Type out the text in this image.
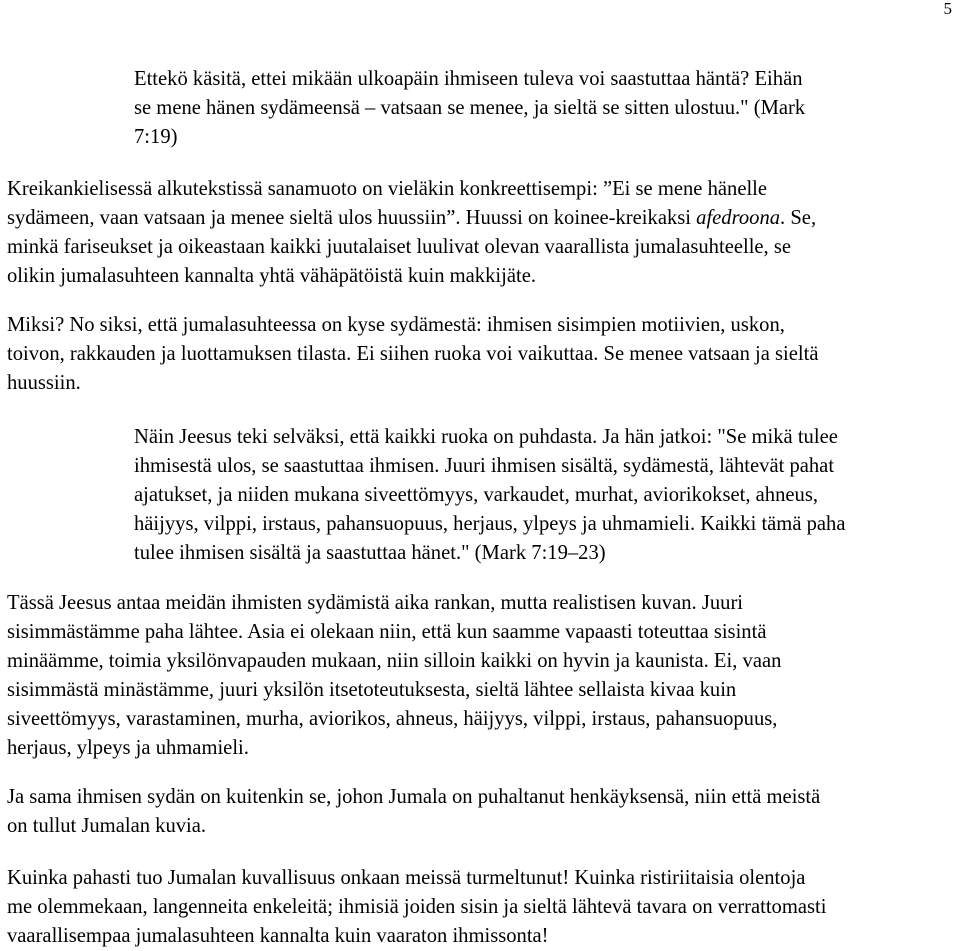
5

Ettekö käsitä, ettei mikään ulkoapäin ihmiseen tuleva voi saastuttaa häntä? Eihän
se mene hänen sydämeensä – vatsaan se menee, ja sieltä se sitten ulostuu." (Mark
7:19)

Kreikankielisessä alkutekstissä sanamuoto on vieläkin konkreettisempi: ”Ei se mene hänelle
sydämeen, vaan vatsaan ja menee sieltä ulos huussiin”. Huussi on koinee-kreikaksi afedroona. Se,
minkä fariseukset ja oikeastaan kaikki juutalaiset luulivat olevan vaarallista jumalasuhteelle, se
olikin jumalasuhteen kannalta yhtä vähäpätöistä kuin makkijäte.

Miksi? No siksi, että jumalasuhteessa on kyse sydämestä: ihmisen sisimpien motiivien, uskon,
toivon, rakkauden ja luottamuksen tilasta. Ei siihen ruoka voi vaikuttaa. Se menee vatsaan ja sieltä
huussiin.

Näin Jeesus teki selväksi, että kaikki ruoka on puhdasta. Ja hän jatkoi: "Se mikä tulee
ihmisestä ulos, se saastuttaa ihmisen. Juuri ihmisen sisältä, sydämestä, lähtevät pahat
ajatukset, ja niiden mukana siveettömyys, varkaudet, murhat, aviorikokset, ahneus,
häijyys, vilppi, irstaus, pahansuopuus, herjaus, ylpeys ja uhmamieli. Kaikki tämä paha
tulee ihmisen sisältä ja saastuttaa hänet." (Mark 7:19–23)

Tässä Jeesus antaa meidän ihmisten sydämistä aika rankan, mutta realistisen kuvan. Juuri
sisimmästämme paha lähtee. Asia ei olekaan niin, että kun saamme vapaasti toteuttaa sisintä
minäämme, toimia yksilönvapauden mukaan, niin silloin kaikki on hyvin ja kaunista. Ei, vaan
sisimmästä minästämme, juuri yksilön itsetoteutuksesta, sieltä lähtee sellaista kivaa kuin
siveettömyys, varastaminen, murha, aviorikos, ahneus, häijyys, vilppi, irstaus, pahansuopuus,
herjaus, ylpeys ja uhmamieli.

Ja sama ihmisen sydän on kuitenkin se, johon Jumala on puhaltanut henkäyksensä, niin että meistä
on tullut Jumalan kuvia.

Kuinka pahasti tuo Jumalan kuvallisuus onkaan meissä turmeltunut! Kuinka ristiriitaisia olentoja
me olemmekaan, langenneita enkeleitä; ihmisiä joiden sisin ja sieltä lähtevä tavara on verrattomasti
vaarallisempaa jumalasuhteen kannalta kuin vaaraton ihmissonta!
